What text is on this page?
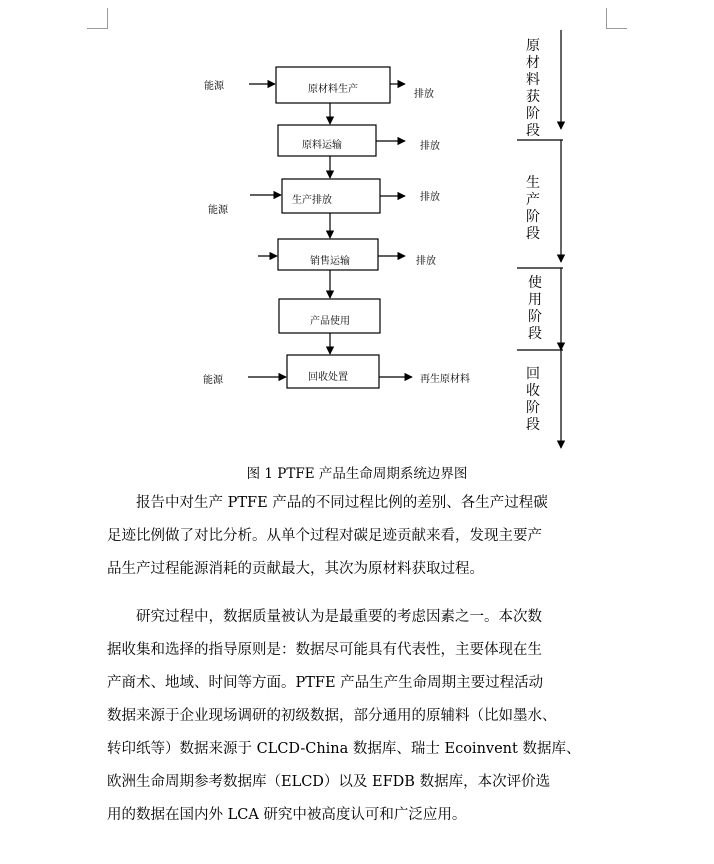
原材料生产
原料运输
生产排放
销售运输
产品使用
回收处置
能源
能源
能源
排放
排放
排放
排放
再生原材料
原材料获阶段
生产阶段
使用阶段
回收阶段
图 1 PTFE 产品生命周期系统边界图

报告中对生产 PTFE 产品的不同过程比例的差别、各生产过程碳
足迹比例做了对比分析。从单个过程对碳足迹贡献来看，发现主要产
品生产过程能源消耗的贡献最大，其次为原材料获取过程。

研究过程中，数据质量被认为是最重要的考虑因素之一。本次数
据收集和选择的指导原则是：数据尽可能具有代表性，主要体现在生
产商术、地域、时间等方面。PTFE 产品生产生命周期主要过程活动
数据来源于企业现场调研的初级数据，部分通用的原辅料（比如墨水、
转印纸等）数据来源于 CLCD-China 数据库、瑞士 Ecoinvent 数据库、
欧洲生命周期参考数据库（ELCD）以及 EFDB 数据库，本次评价选
用的数据在国内外 LCA 研究中被高度认可和广泛应用。
